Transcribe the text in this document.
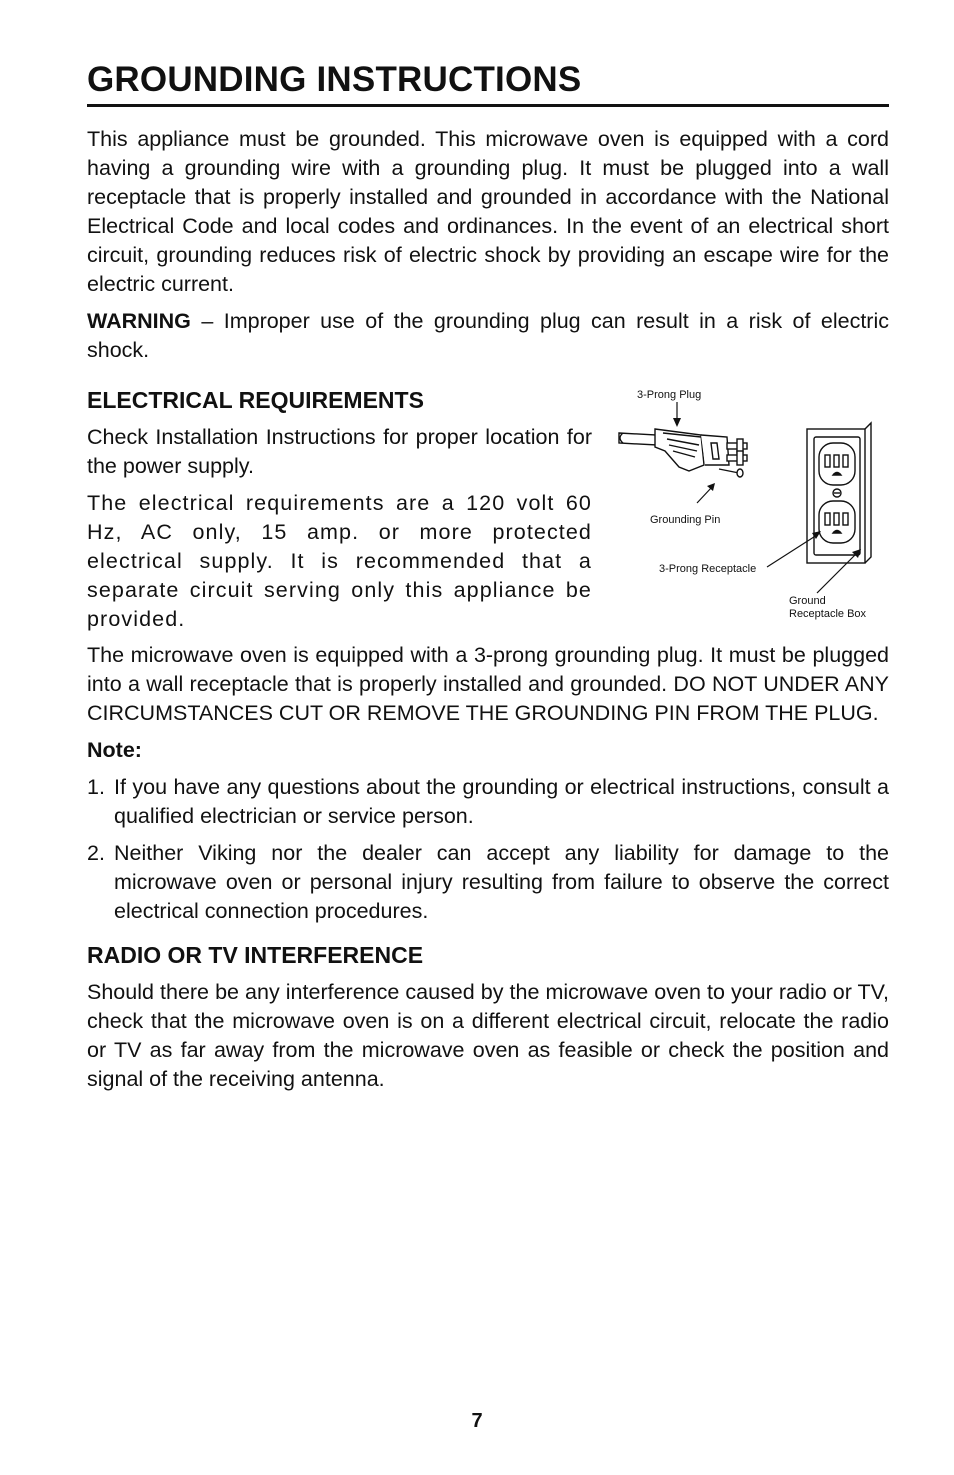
GROUNDING INSTRUCTIONS

This appliance must be grounded. This microwave oven is equipped with a cord having a grounding wire with a grounding plug. It must be plugged into a wall receptacle that is properly installed and grounded in accordance with the National Electrical Code and local codes and ordinances. In the event of an electrical short circuit, grounding reduces risk of electric shock by providing an escape wire for the electric current.

WARNING – Improper use of the grounding plug can result in a risk of electric shock.

ELECTRICAL REQUIREMENTS

Check Installation Instructions for proper location for the power supply.

The electrical requirements are a 120 volt 60 Hz, AC only, 15 amp. or more protected electrical supply. It is recommended that a separate circuit serving only this appliance be provided.

3-Prong Plug
Grounding Pin
3-Prong Receptacle
Ground
Receptacle Box

The microwave oven is equipped with a 3-prong grounding plug. It must be plugged into a wall receptacle that is properly installed and grounded. DO NOT UNDER ANY CIRCUMSTANCES CUT OR REMOVE THE GROUNDING PIN FROM THE PLUG.

Note:
1. If you have any questions about the grounding or electrical instructions, consult a qualified electrician or service person.
2. Neither Viking nor the dealer can accept any liability for damage to the microwave oven or personal injury resulting from failure to observe the correct electrical connection procedures.
RADIO OR TV INTERFERENCE

Should there be any interference caused by the microwave oven to your radio or TV, check that the microwave oven is on a different electrical circuit, relocate the radio or TV as far away from the microwave oven as feasible or check the position and signal of the receiving antenna.

7
